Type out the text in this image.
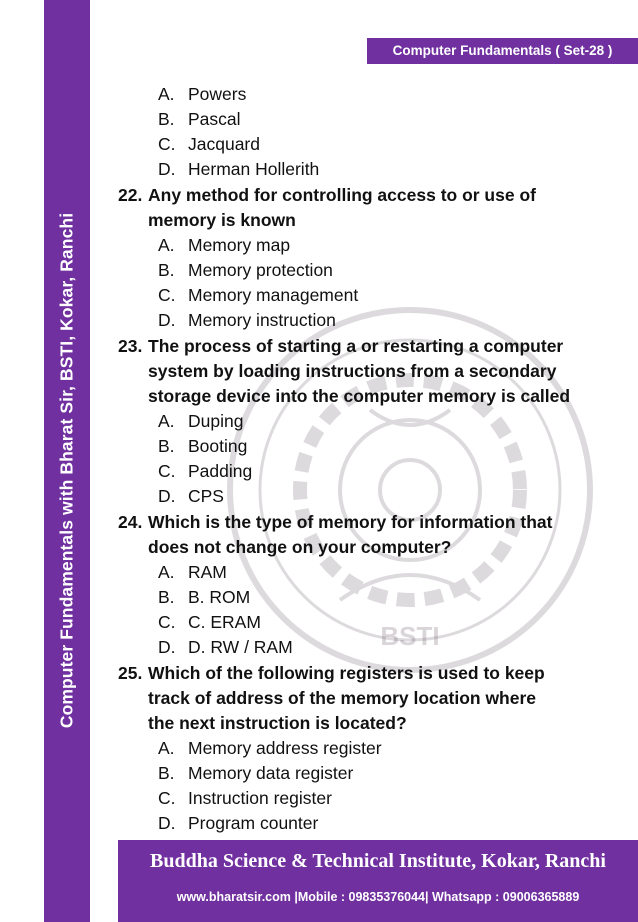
Computer Fundamentals with Bharat Sir, BSTI, Kokar, Ranchi
Computer Fundamentals ( Set-28 )
BSTI
A. Powers
B. Pascal
C. Jacquard
D. Herman Hollerith
22. Any method for controlling access to or use of
memory is known
A. Memory map
B. Memory protection
C. Memory management
D. Memory instruction
23. The process of starting a or restarting a computer
system by loading instructions from a secondary
storage device into the computer memory is called
A. Duping
B. Booting
C. Padding
D. CPS
24. Which is the type of memory for information that
does not change on your computer?
A. RAM
B. B. ROM
C. C. ERAM
D. D. RW / RAM
25. Which of the following registers is used to keep
track of address of the memory location where
the next instruction is located?
A. Memory address register
B. Memory data register
C. Instruction register
D. Program counter
Buddha Science & Technical Institute, Kokar, Ranchi
www.bharatsir.com |Mobile : 09835376044| Whatsapp : 09006365889
